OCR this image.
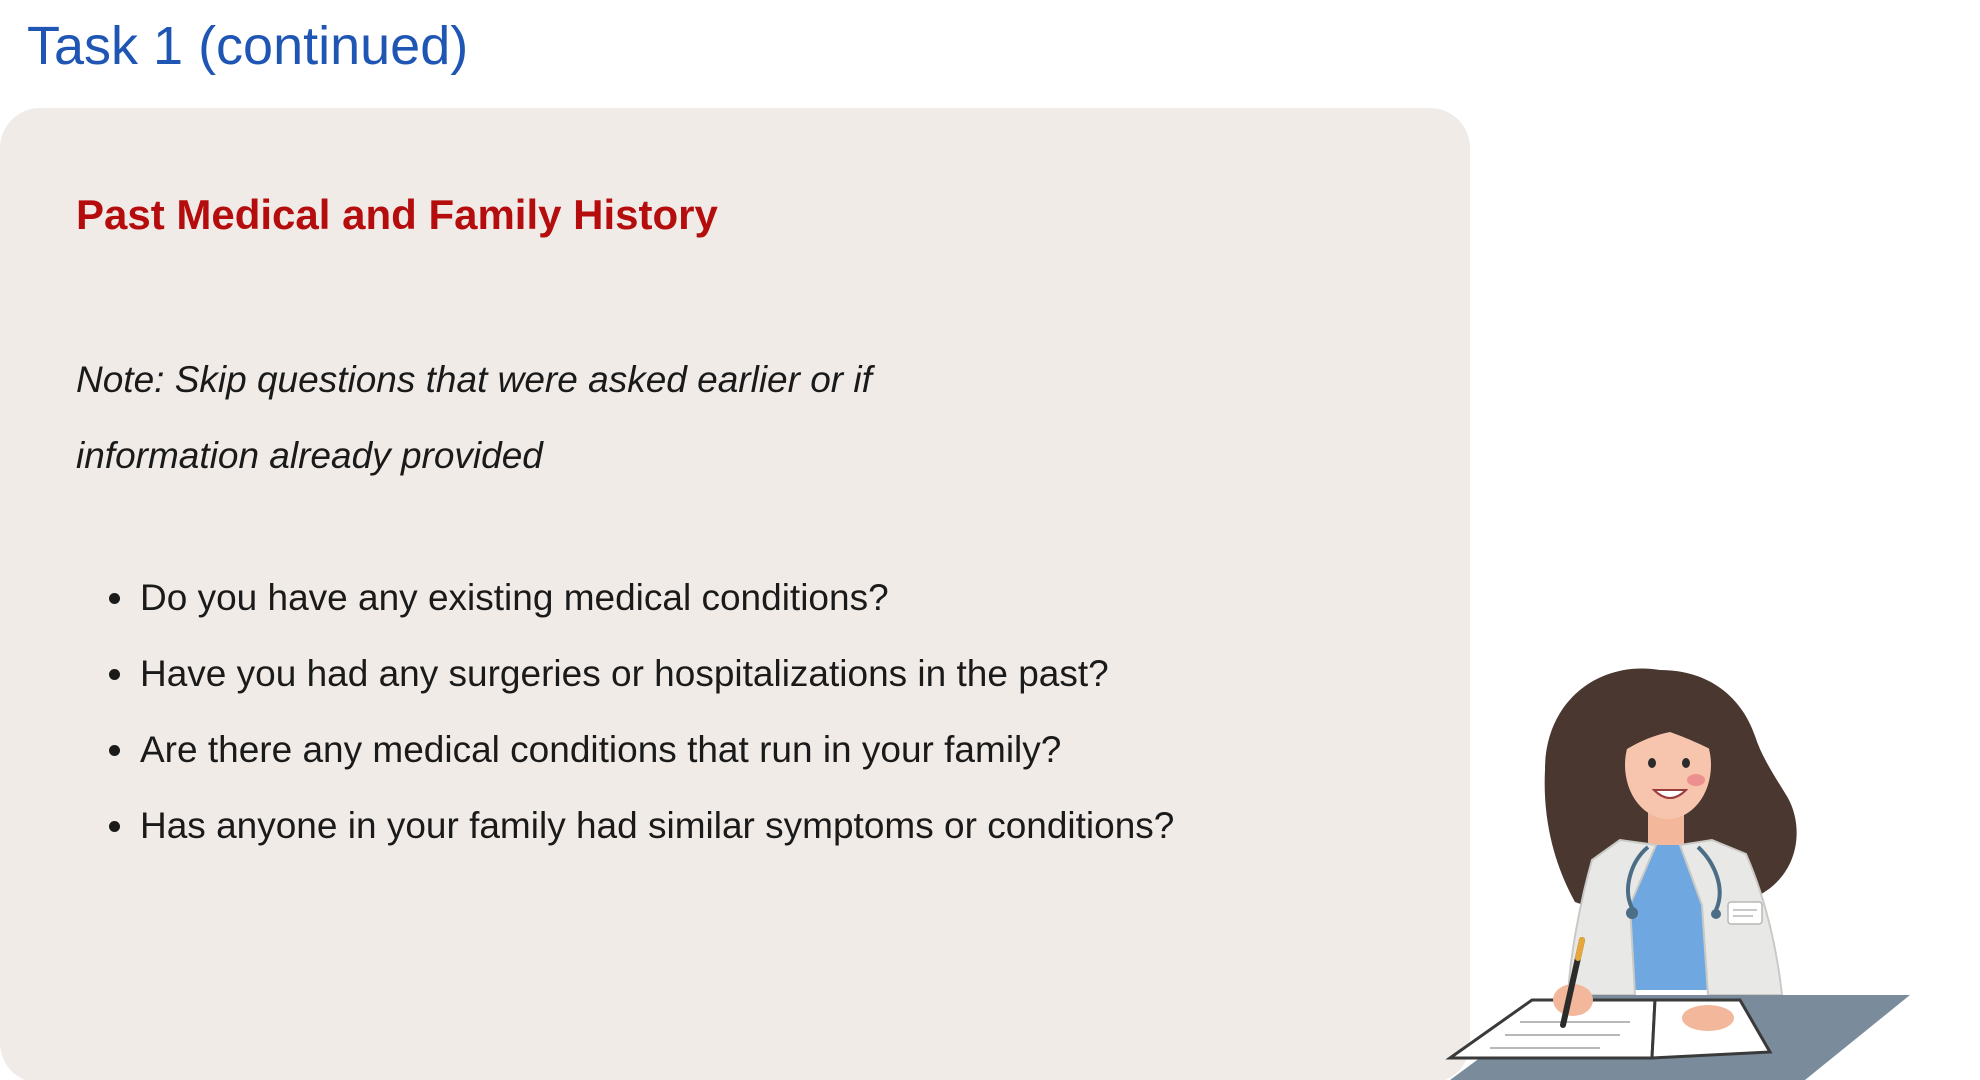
Task 1 (continued)
Past Medical and Family History

Note: Skip questions that were asked earlier or if information already provided

Do you have any existing medical conditions?
Have you had any surgeries or hospitalizations in the past?
Are there any medical conditions that run in your family?
Has anyone in your family had similar symptoms or conditions?
